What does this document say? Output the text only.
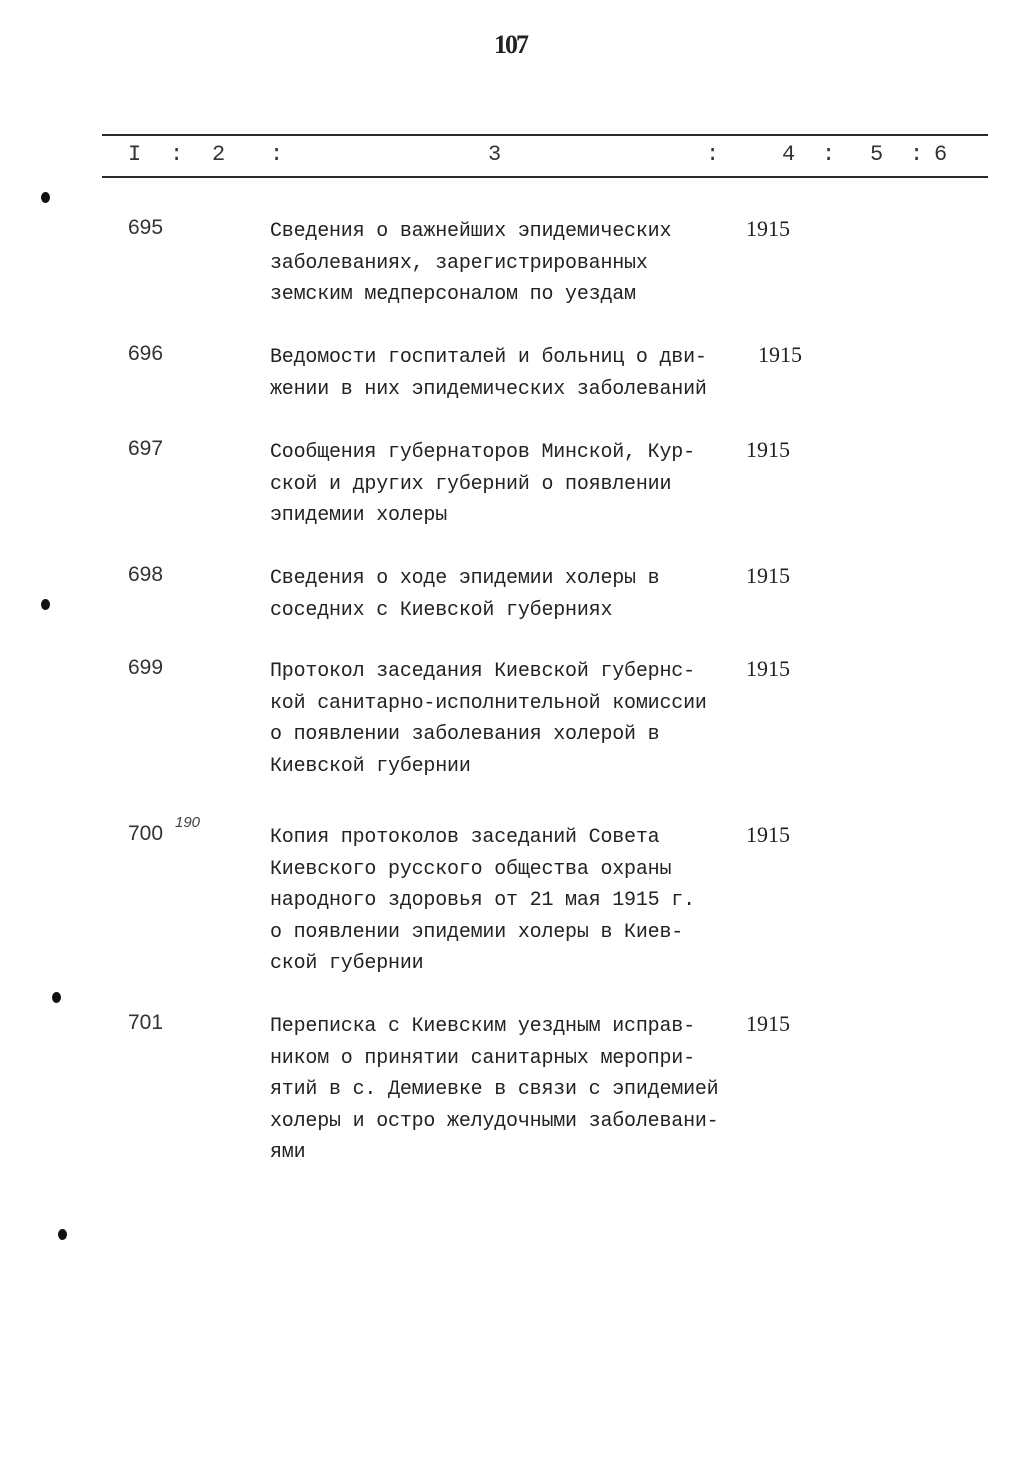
107
I : 2 :	3	:	4 : 5 : 6
695	Сведения о важнейших эпидемических
заболеваниях, зарегистрированных
земским медперсоналом по уездам
1915
696	Ведомости госпиталей и больниц о дви-
жении в них эпидемических заболеваний
1915
697	Сообщения губернаторов Минской, Кур-
ской и других губерний о появлении
эпидемии холеры
1915
698	Сведения о ходе эпидемии холеры в
соседних с Киевской губерниях
1915
699	Протокол заседания Киевской губернс-
кой санитарно-исполнительной комиссии
о появлении заболевания холерой в
Киевской губернии
1915
700 190
Копия протоколов заседаний Совета
Киевского русского общества охраны
народного здоровья от 21 мая 1915 г.
о появлении эпидемии холеры в Киев-
ской губернии
1915
701	Переписка с Киевским уездным исправ-
ником о принятии санитарных меропри-
ятий в с. Демиевке в связи с эпидемией
холеры и остро желудочными заболевани-
ями
1915
